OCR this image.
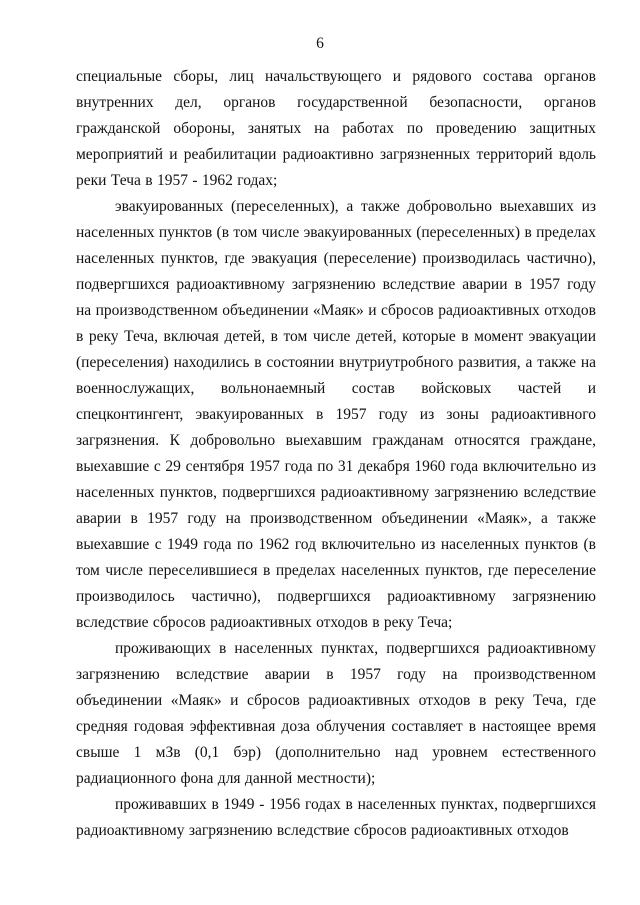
6

специальные сборы, лиц начальствующего и рядового состава органов внутренних дел, органов государственной безопасности, органов гражданской обороны, занятых на работах по проведению защитных мероприятий и реабилитации радиоактивно загрязненных территорий вдоль реки Теча в 1957 - 1962 годах;

эвакуированных (переселенных), а также добровольно выехавших из населенных пунктов (в том числе эвакуированных (переселенных) в пределах населенных пунктов, где эвакуация (переселение) производилась частично), подвергшихся радиоактивному загрязнению вследствие аварии в 1957 году на производственном объединении «Маяк» и сбросов радиоактивных отходов в реку Теча, включая детей, в том числе детей, которые в момент эвакуации (переселения) находились в состоянии внутриутробного развития, а также на военнослужащих, вольнонаемный состав войсковых частей и спецконтингент, эвакуированных в 1957 году из зоны радиоактивного загрязнения. К добровольно выехавшим гражданам относятся граждане, выехавшие с 29 сентября 1957 года по 31 декабря 1960 года включительно из населенных пунктов, подвергшихся радиоактивному загрязнению вследствие аварии в 1957 году на производственном объединении «Маяк», а также выехавшие с 1949 года по 1962 год включительно из населенных пунктов (в том числе переселившиеся в пределах населенных пунктов, где переселение производилось частично), подвергшихся радиоактивному загрязнению вследствие сбросов радиоактивных отходов в реку Теча;

проживающих в населенных пунктах, подвергшихся радиоактивному загрязнению вследствие аварии в 1957 году на производственном объединении «Маяк» и сбросов радиоактивных отходов в реку Теча, где средняя годовая эффективная доза облучения составляет в настоящее время свыше 1 мЗв (0,1 бэр) (дополнительно над уровнем естественного радиационного фона для данной местности);

проживавших в 1949 - 1956 годах в населенных пунктах, подвергшихся радиоактивному загрязнению вследствие сбросов радиоактивных отходов
